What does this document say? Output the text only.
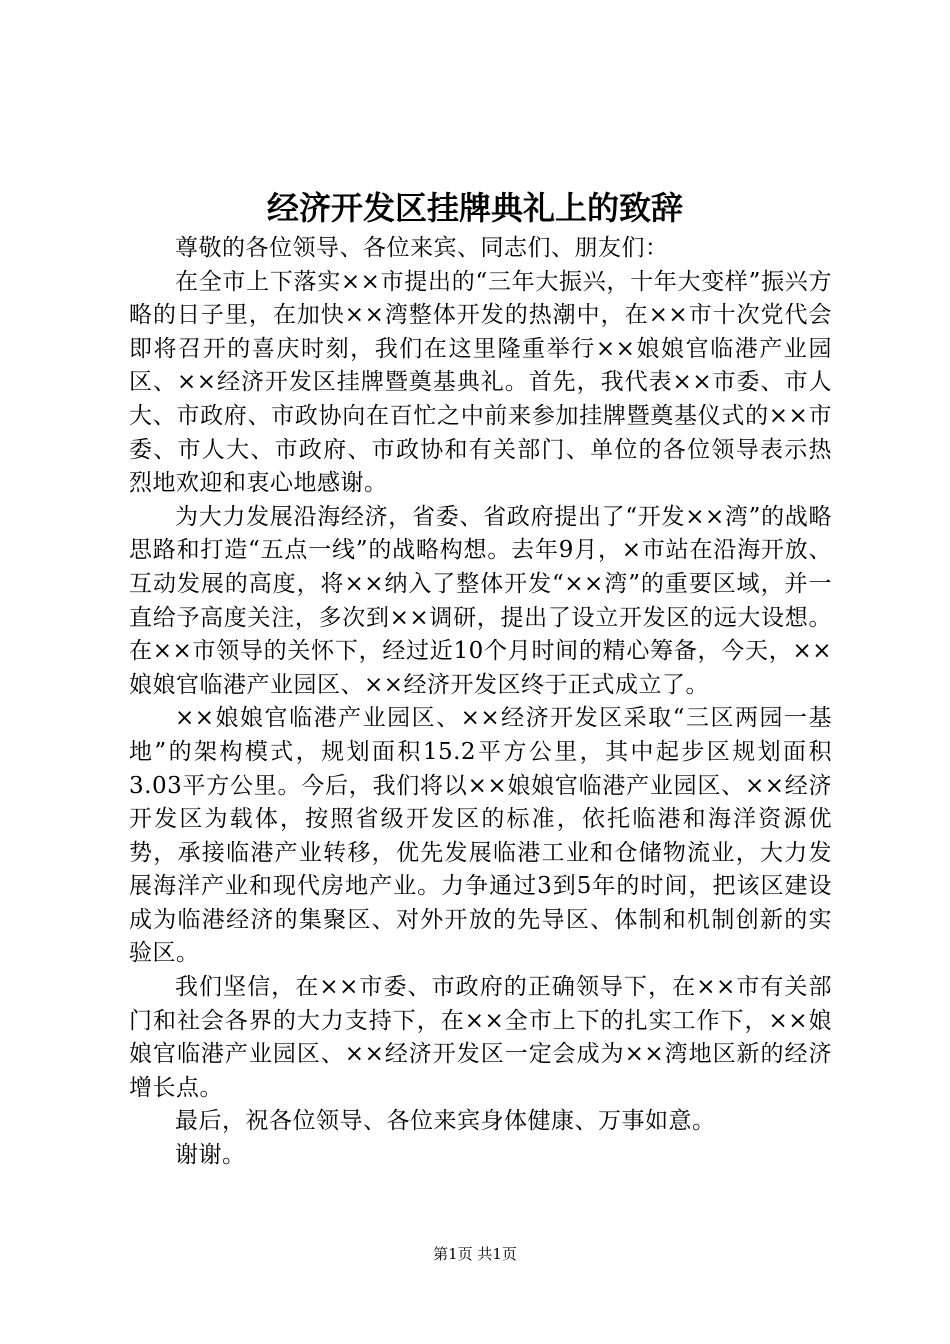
经济开发区挂牌典礼上的致辞

尊敬的各位领导、各位来宾、同志们、朋友们：

在全市上下落实××市提出的“三年大振兴，十年大变样”振兴方略的日子里，在加快××湾整体开发的热潮中，在××市十次党代会即将召开的喜庆时刻，我们在这里隆重举行××娘娘官临港产业园区、××经济开发区挂牌暨奠基典礼。首先，我代表××市委、市人大、市政府、市政协向在百忙之中前来参加挂牌暨奠基仪式的××市委、市人大、市政府、市政协和有关部门、单位的各位领导表示热烈地欢迎和衷心地感谢。

为大力发展沿海经济，省委、省政府提出了“开发××湾”的战略思路和打造“五点一线”的战略构想。去年9月，×市站在沿海开放、互动发展的高度，将××纳入了整体开发“××湾”的重要区域，并一直给予高度关注，多次到××调研，提出了设立开发区的远大设想。在××市领导的关怀下，经过近10个月时间的精心筹备，今天，××娘娘官临港产业园区、××经济开发区终于正式成立了。

××娘娘官临港产业园区、××经济开发区采取“三区两园一基地”的架构模式，规划面积15.2平方公里，其中起步区规划面积3.03平方公里。今后，我们将以××娘娘官临港产业园区、××经济开发区为载体，按照省级开发区的标准，依托临港和海洋资源优势，承接临港产业转移，优先发展临港工业和仓储物流业，大力发展海洋产业和现代房地产业。力争通过3到5年的时间，把该区建设成为临港经济的集聚区、对外开放的先导区、体制和机制创新的实验区。

我们坚信，在××市委、市政府的正确领导下，在××市有关部门和社会各界的大力支持下，在××全市上下的扎实工作下，××娘娘官临港产业园区、××经济开发区一定会成为××湾地区新的经济增长点。

最后，祝各位领导、各位来宾身体健康、万事如意。

谢谢。

第1页 共1页
